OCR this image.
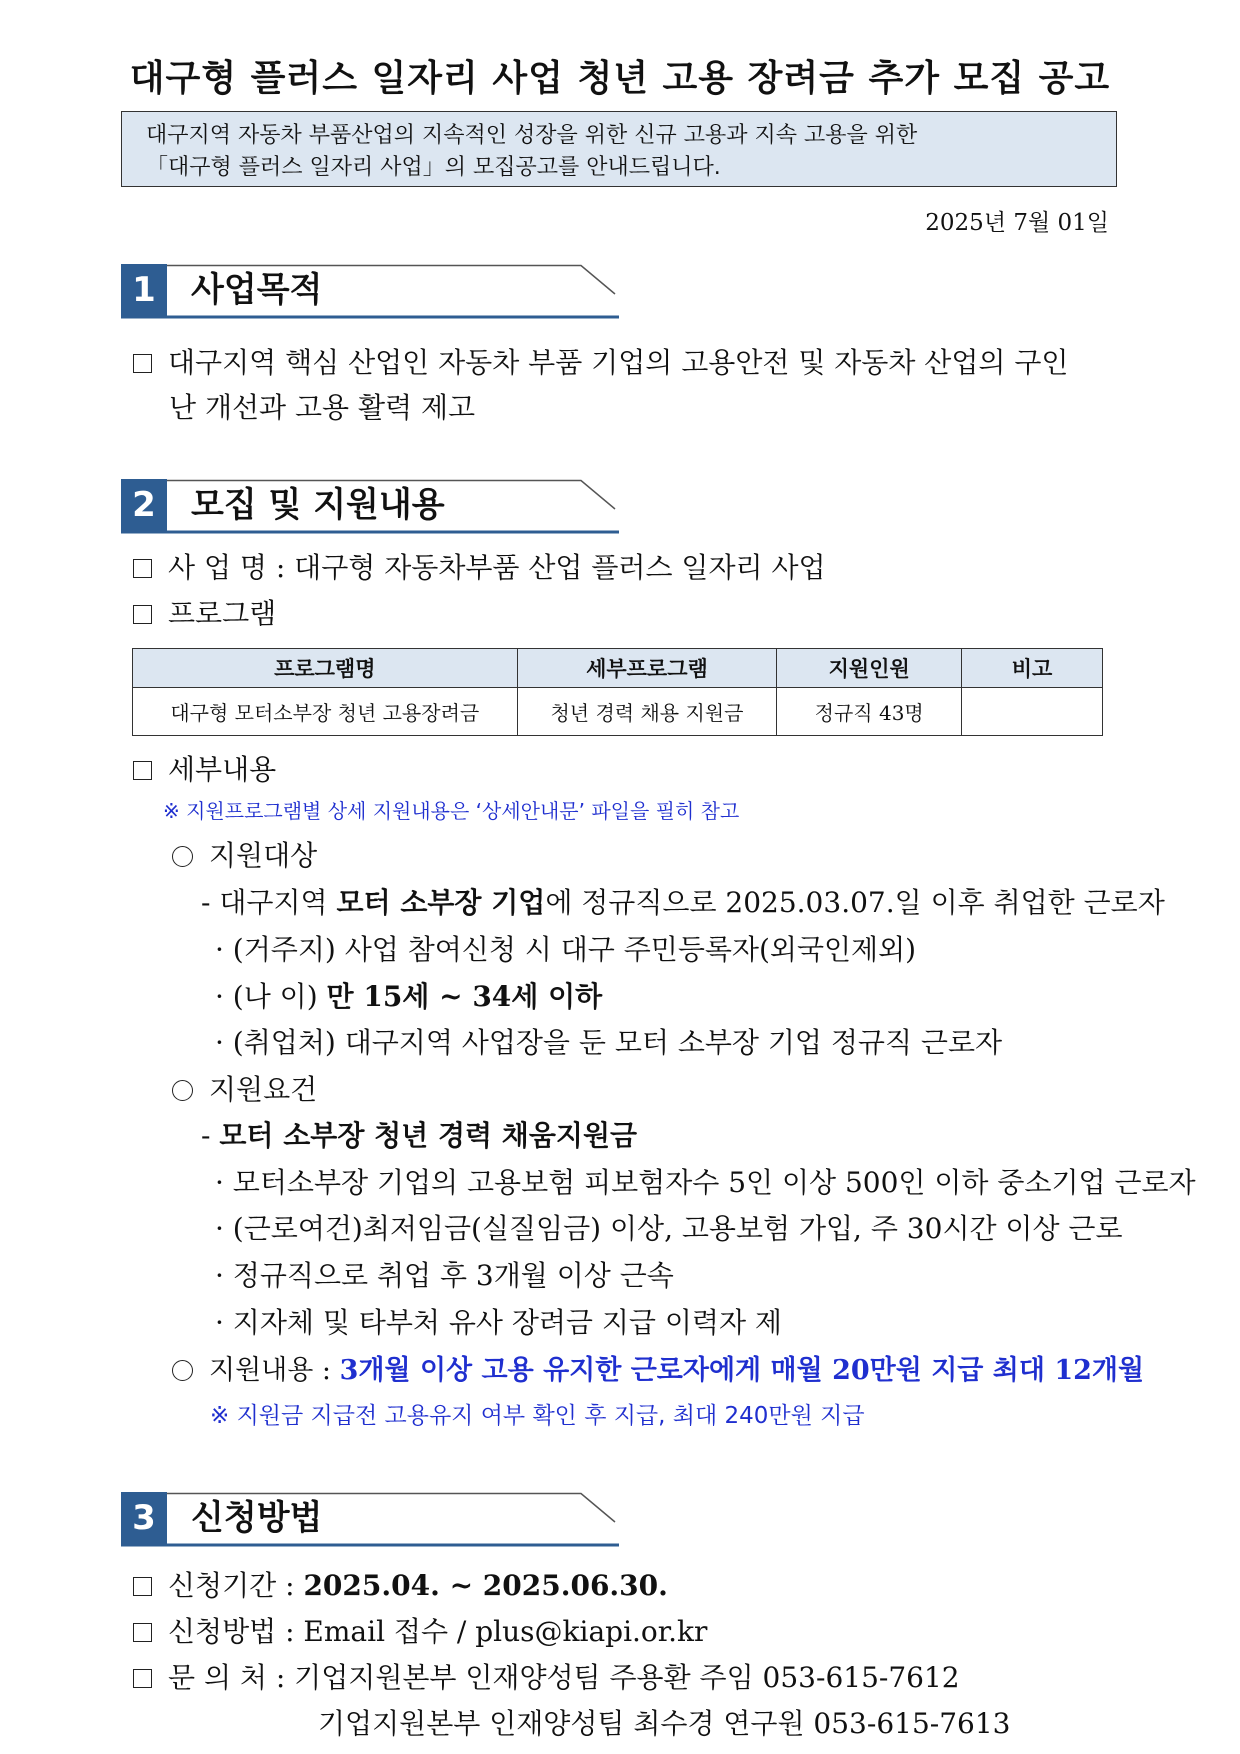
대구형 플러스 일자리 사업 청년 고용 장려금 추가 모집 공고
대구지역 자동차 부품산업의 지속적인 성장을 위한 신규 고용과 지속 고용을 위한
「대구형 플러스 일자리 사업」의 모집공고를 안내드립니다.
2025년 7월 01일
1	사업목적
대구지역 핵심 산업인 자동차 부품 기업의 고용안전 및 자동차 산업의 구인
난 개선과 고용 활력 제고
2	모집 및 지원내용
사 업 명 : 대구형 자동차부품 산업 플러스 일자리 사업
프로그램
프로그램명	세부프로그램	지원인원	비고
대구형 모터소부장 청년 고용장려금	청년 경력 채용 지원금	정규직 43명	
세부내용
※ 지원프로그램별 상세 지원내용은 ‘상세안내문’ 파일을 필히 참고
지원대상
- 대구지역 모터 소부장 기업에 정규직으로 2025.03.07.일 이후 취업한 근로자
· (거주지) 사업 참여신청 시 대구 주민등록자(외국인제외)
· (나 이) 만 15세 ~ 34세 이하
· (취업처) 대구지역 사업장을 둔 모터 소부장 기업 정규직 근로자
지원요건
- 모터 소부장 청년 경력 채움지원금
· 모터소부장 기업의 고용보험 피보험자수 5인 이상 500인 이하 중소기업 근로자
· (근로여건)최저임금(실질임금) 이상, 고용보험 가입, 주 30시간 이상 근로
· 정규직으로 취업 후 3개월 이상 근속
· 지자체 및 타부처 유사 장려금 지급 이력자 제
지원내용 : 3개월 이상 고용 유지한 근로자에게 매월 20만원 지급 최대 12개월
※ 지원금 지급전 고용유지 여부 확인 후 지급, 최대 240만원 지급
3	신청방법
신청기간 : 2025.04. ~ 2025.06.30.
신청방법 : Email 접수 / plus@kiapi.or.kr
문 의 처 : 기업지원본부 인재양성팀 주용환 주임 053-615-7612
기업지원본부 인재양성팀 최수경 연구원 053-615-7613
